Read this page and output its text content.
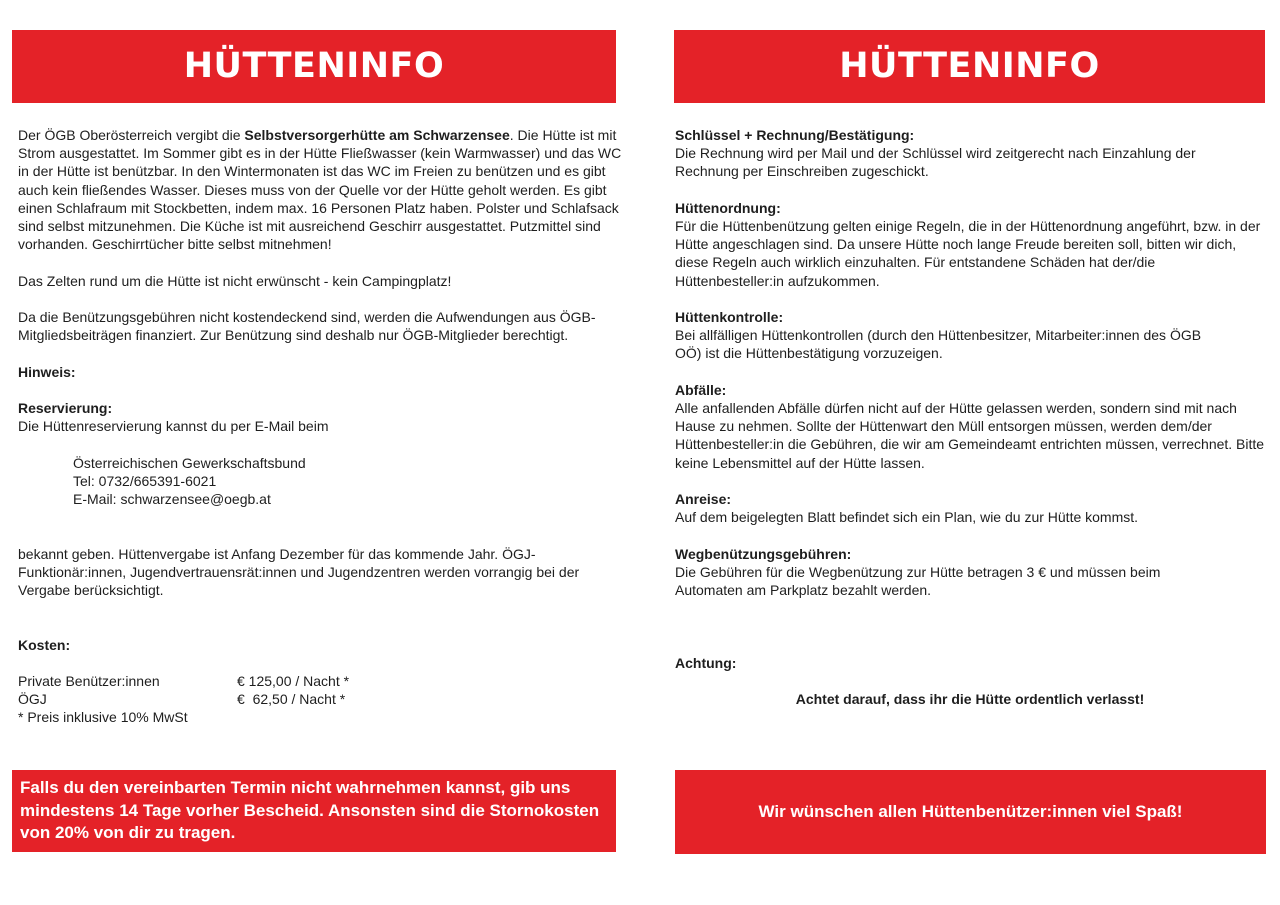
HÜTTENINFO

Der ÖGB Oberösterreich vergibt die Selbstversorgerhütte am Schwarzensee. Die Hütte ist mit Strom ausgestattet. Im Sommer gibt es in der Hütte Fließwasser (kein Warmwasser) und das WC in der Hütte ist benützbar. In den Wintermonaten ist das WC im Freien zu benützen und es gibt auch kein fließendes Wasser. Dieses muss von der Quelle vor der Hütte geholt werden. Es gibt einen Schlafraum mit Stockbetten, indem max. 16 Personen Platz haben. Polster und Schlafsack sind selbst mitzunehmen. Die Küche ist mit ausreichend Geschirr ausgestattet. Putzmittel sind vorhanden. Geschirrtücher bitte selbst mitnehmen!

Das Zelten rund um die Hütte ist nicht erwünscht - kein Campingplatz!

Da die Benützungsgebühren nicht kostendeckend sind, werden die Aufwendungen aus ÖGB-Mitgliedsbeiträgen finanziert. Zur Benützung sind deshalb nur ÖGB-Mitglieder berechtigt.

Hinweis:

Reservierung:

Die Hüttenreservierung kannst du per E-Mail beim

Österreichischen Gewerkschaftsbund

Tel: 0732/665391-6021

E-Mail: schwarzensee@oegb.at

bekannt geben. Hüttenvergabe ist Anfang Dezember für das kommende Jahr. ÖGJ-Funktionär:innen, Jugendvertrauensrät:innen und Jugendzentren werden vorrangig bei der Vergabe berücksichtigt.

Kosten:

Private Benützer:innen	€ 125,00 / Nacht *
ÖGJ	€  62,50 / Nacht *

* Preis inklusive 10% MwSt

Falls du den vereinbarten Termin nicht wahrnehmen kannst, gib uns mindestens 14 Tage vorher Bescheid. Ansonsten sind die Stornokosten von 20% von dir zu tragen.
HÜTTENINFO

Schlüssel + Rechnung/Bestätigung:

Die Rechnung wird per Mail und der Schlüssel wird zeitgerecht nach Einzahlung der Rechnung per Einschreiben zugeschickt.

Hüttenordnung:

Für die Hüttenbenützung gelten einige Regeln, die in der Hüttenordnung angeführt, bzw. in der Hütte angeschlagen sind. Da unsere Hütte noch lange Freude bereiten soll, bitten wir dich, diese Regeln auch wirklich einzuhalten. Für entstandene Schäden hat der/die Hüttenbesteller:in aufzukommen.

Hüttenkontrolle:

Bei allfälligen Hüttenkontrollen (durch den Hüttenbesitzer, Mitarbeiter:innen des ÖGB OÖ) ist die Hüttenbestätigung vorzuzeigen.

Abfälle:

Alle anfallenden Abfälle dürfen nicht auf der Hütte gelassen werden, sondern sind mit nach Hause zu nehmen. Sollte der Hüttenwart den Müll entsorgen müssen, werden dem/der Hüttenbesteller:in die Gebühren, die wir am Gemeindeamt entrichten müssen, verrechnet. Bitte keine Lebensmittel auf der Hütte lassen.

Anreise:

Auf dem beigelegten Blatt befindet sich ein Plan, wie du zur Hütte kommst.

Wegbenützungsgebühren:

Die Gebühren für die Wegbenützung zur Hütte betragen 3 € und müssen beim Automaten am Parkplatz bezahlt werden.

Achtung:

Achtet darauf, dass ihr die Hütte ordentlich verlasst!

Wir wünschen allen Hüttenbenützer:innen viel Spaß!
